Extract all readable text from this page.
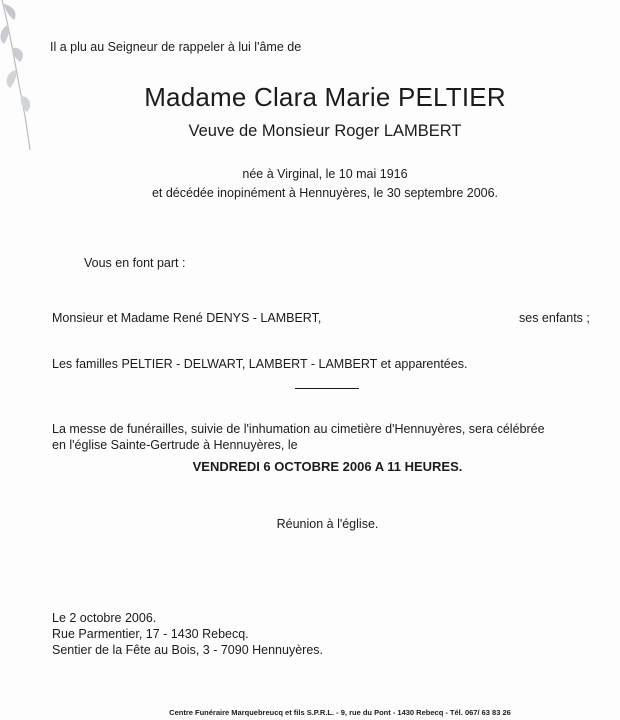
Il a plu au Seigneur de rappeler à lui l'âme de
Madame Clara Marie PELTIER
Veuve de Monsieur Roger LAMBERT
née à Virginal, le 10 mai 1916
et décédée inopinément à Hennuyères, le 30 septembre 2006.
Vous en font part :
Monsieur et Madame René DENYS - LAMBERT,	ses enfants ;
Les familles PELTIER - DELWART, LAMBERT - LAMBERT et apparentées.
La messe de funérailles, suivie de l'inhumation au cimetière d'Hennuyères, sera célébrée
en l'église Sainte-Gertrude à Hennuyères, le
VENDREDI 6 OCTOBRE 2006 A 11 HEURES.
Réunion à l'église.
Le 2 octobre 2006.
Rue Parmentier, 17 - 1430 Rebecq.
Sentier de la Fête au Bois, 3 - 7090 Hennuyères.
Centre Funéraire Marquebreucq et fils S.P.R.L. - 9, rue du Pont - 1430 Rebecq - Tél. 067/ 63 83 26
